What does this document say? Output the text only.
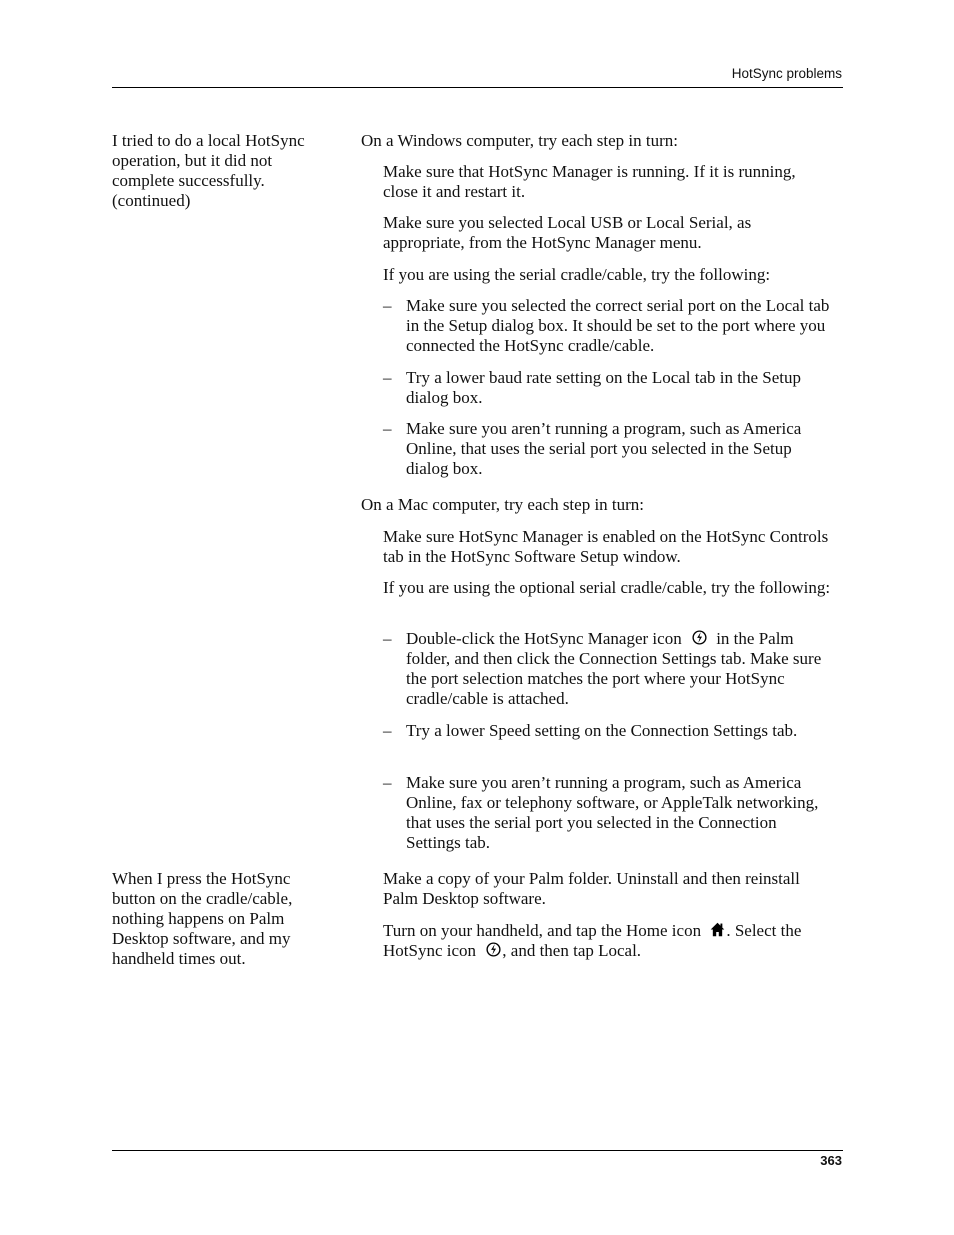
HotSync problems
I tried to do a local HotSync operation, but it did not complete successfully. (continued)
On a Windows computer, try each step in turn:
Make sure that HotSync Manager is running. If it is running, close it and restart it.
Make sure you selected Local USB or Local Serial, as appropriate, from the HotSync Manager menu.
If you are using the serial cradle/cable, try the following:
– Make sure you selected the correct serial port on the Local tab in the Setup dialog box. It should be set to the port where you connected the HotSync cradle/cable.
– Try a lower baud rate setting on the Local tab in the Setup dialog box.
– Make sure you aren’t running a program, such as America Online, that uses the serial port you selected in the Setup dialog box.
On a Mac computer, try each step in turn:
Make sure HotSync Manager is enabled on the HotSync Controls tab in the HotSync Software Setup window.
If you are using the optional serial cradle/cable, try the following:
– Double-click the HotSync Manager icon in the Palm folder, and then click the Connection Settings tab. Make sure the port selection matches the port where your HotSync cradle/cable is attached.
– Try a lower Speed setting on the Connection Settings tab.
– Make sure you aren’t running a program, such as America Online, fax or telephony software, or AppleTalk networking, that uses the serial port you selected in the Connection Settings tab.
When I press the HotSync button on the cradle/cable, nothing happens on Palm Desktop software, and my handheld times out.
Make a copy of your Palm folder. Uninstall and then reinstall Palm Desktop software.
Turn on your handheld, and tap the Home icon . Select the HotSync icon , and then tap Local.
363
